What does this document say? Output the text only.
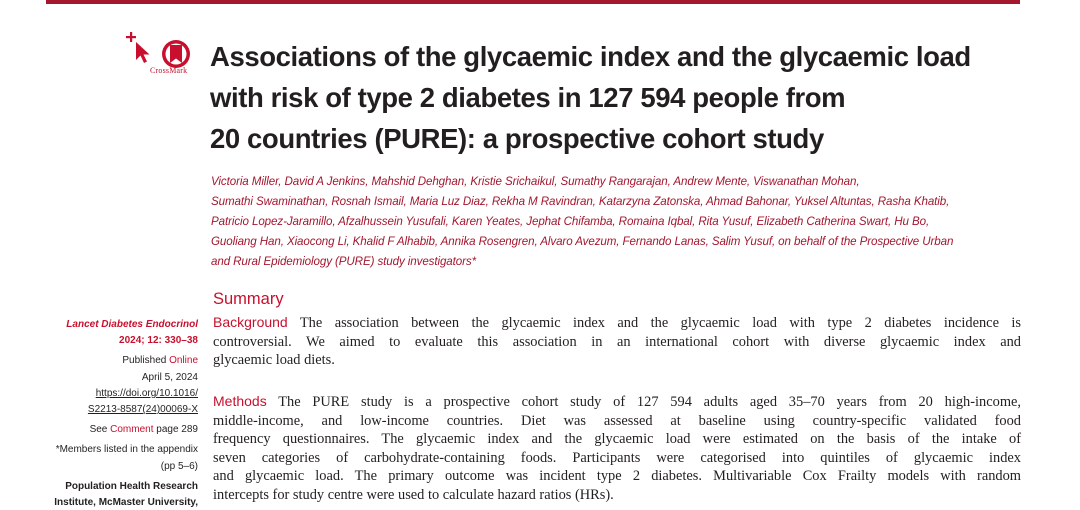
CrossMark Associations of the glycaemic index and the glycaemic load
with risk of type 2 diabetes in 127 594 people from
20 countries (PURE): a prospective cohort study
Victoria Miller, David A Jenkins, Mahshid Dehghan, Kristie Srichaikul, Sumathy Rangarajan, Andrew Mente, Viswanathan Mohan,
Sumathi Swaminathan, Rosnah Ismail, Maria Luz Diaz, Rekha M Ravindran, Katarzyna Zatonska, Ahmad Bahonar, Yuksel Altuntas, Rasha Khatib,
Patricio Lopez-Jaramillo, Afzalhussein Yusufali, Karen Yeates, Jephat Chifamba, Romaina Iqbal, Rita Yusuf, Elizabeth Catherina Swart, Hu Bo,
Guoliang Han, Xiaocong Li, Khalid F Alhabib, Annika Rosengren, Alvaro Avezum, Fernando Lanas, Salim Yusuf, on behalf of the Prospective Urban
and Rural Epidemiology (PURE) study investigators*
Summary
Lancet Diabetes Endocrinol
2024; 12: 330–38
Published Online
April 5, 2024
https://doi.org/10.1016/
S2213-8587(24)00069-X
See Comment page 289
*Members listed in the appendix
(pp 5–6)
Population Health Research
Institute, McMaster University,
Background The association between the glycaemic index and the glycaemic load with type 2 diabetes incidence is
controversial. We aimed to evaluate this association in an international cohort with diverse glycaemic index and
glycaemic load diets.
Methods The PURE study is a prospective cohort study of 127 594 adults aged 35–70 years from 20 high-income,
middle-income, and low-income countries. Diet was assessed at baseline using country-specific validated food
frequency questionnaires. The glycaemic index and the glycaemic load were estimated on the basis of the intake of
seven categories of carbohydrate-containing foods. Participants were categorised into quintiles of glycaemic index
and glycaemic load. The primary outcome was incident type 2 diabetes. Multivariable Cox Frailty models with random
intercepts for study centre were used to calculate hazard ratios (HRs).
